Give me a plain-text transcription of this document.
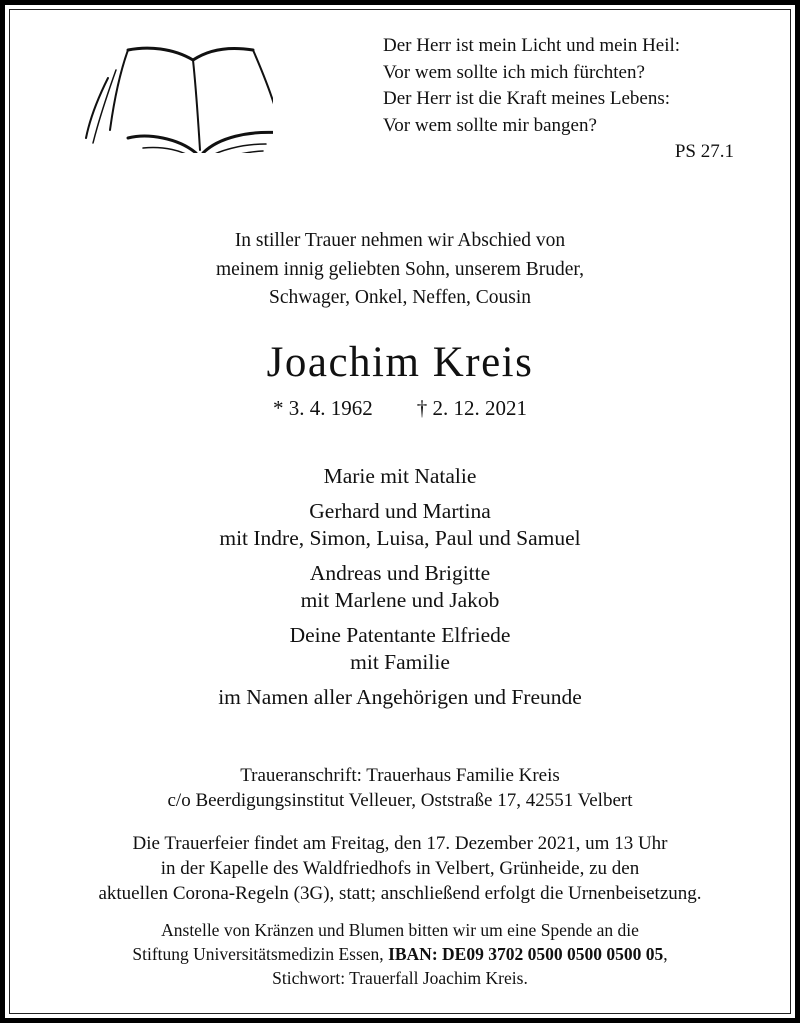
Der Herr ist mein Licht und mein Heil:
Vor wem sollte ich mich fürchten?
Der Herr ist die Kraft meines Lebens:
Vor wem sollte mir bangen?
PS 27.1
In stiller Trauer nehmen wir Abschied von
meinem innig geliebten Sohn, unserem Bruder,
Schwager, Onkel, Neffen, Cousin
Joachim Kreis
* 3. 4. 1962 † 2. 12. 2021
Marie mit Natalie
Gerhard und Martina
mit Indre, Simon, Luisa, Paul und Samuel
Andreas und Brigitte
mit Marlene und Jakob
Deine Patentante Elfriede
mit Familie
im Namen aller Angehörigen und Freunde
Traueranschrift: Trauerhaus Familie Kreis
c/o Beerdigungsinstitut Velleuer, Oststraße 17, 42551 Velbert
Die Trauerfeier findet am Freitag, den 17. Dezember 2021, um 13 Uhr
in der Kapelle des Waldfriedhofs in Velbert, Grünheide, zu den
aktuellen Corona-Regeln (3G), statt; anschließend erfolgt die Urnenbeisetzung.
Anstelle von Kränzen und Blumen bitten wir um eine Spende an die
Stiftung Universitätsmedizin Essen, IBAN: DE09 3702 0500 0500 0500 05,
Stichwort: Trauerfall Joachim Kreis.
